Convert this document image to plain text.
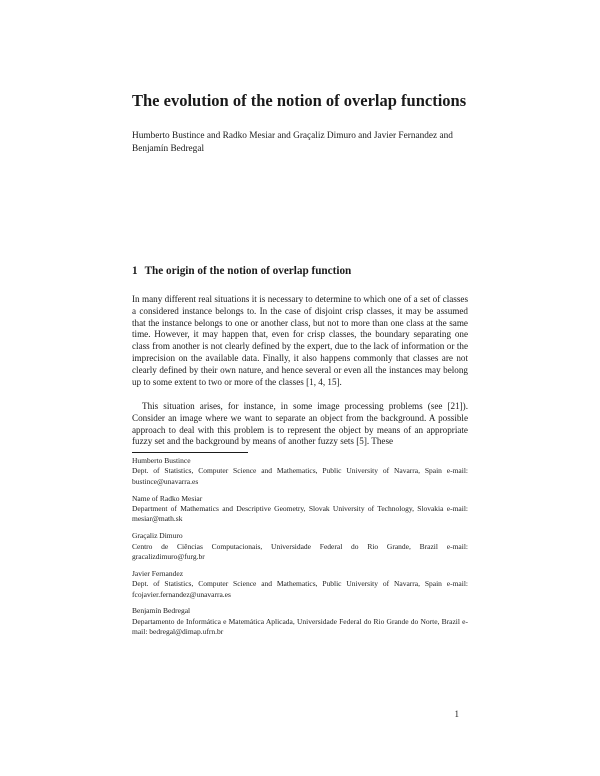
The evolution of the notion of overlap functions
Humberto Bustince and Radko Mesiar and Graçaliz Dimuro and Javier Fernandez and Benjamín Bedregal
1 The origin of the notion of overlap function

In many different real situations it is necessary to determine to which one of a set of classes a considered instance belongs to. In the case of disjoint crisp classes, it may be assumed that the instance belongs to one or another class, but not to more than one class at the same time. However, it may happen that, even for crisp classes, the boundary separating one class from another is not clearly defined by the expert, due to the lack of information or the imprecision on the available data. Finally, it also happens commonly that classes are not clearly defined by their own nature, and hence several or even all the instances may belong up to some extent to two or more of the classes [1, 4, 15].

This situation arises, for instance, in some image processing problems (see [21]). Consider an image where we want to separate an object from the background. A possible approach to deal with this problem is to represent the object by means of an appropriate fuzzy set and the background by means of another fuzzy sets [5]. These

Humberto Bustince
Dept. of Statistics, Computer Science and Mathematics, Public University of Navarra, Spain e-mail: bustince@unavarra.es
Name of Radko Mesiar
Department of Mathematics and Descriptive Geometry, Slovak University of Technology, Slovakia e-mail: mesiar@math.sk
Graçaliz Dimuro
Centro de Ciências Computacionais, Universidade Federal do Rio Grande, Brazil e-mail: gracalizdimuro@furg.br
Javier Fernandez
Dept. of Statistics, Computer Science and Mathematics, Public University of Navarra, Spain e-mail: fcojavier.fernandez@unavarra.es
Benjamín Bedregal
Departamento de Informática e Matemática Aplicada, Universidade Federal do Rio Grande do Norte, Brazil e-mail: bedregal@dimap.ufrn.br
1
